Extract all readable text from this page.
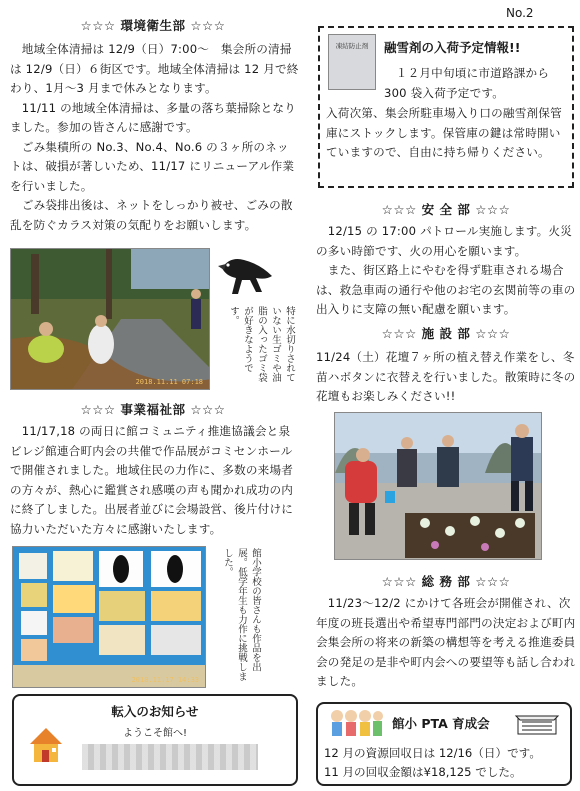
No.2
☆☆☆ 環境衛生部 ☆☆☆

　地域全体清掃は 12/9（日）7:00～　集会所の清掃は 12/9（日）６街区です。地域全体清掃は 12 月で終わり、1月～3 月まで休みとなります。

　11/11 の地域全体清掃は、多量の落ち葉掃除となりました。参加の皆さんに感謝です。

　ごみ集積所の No.3、No.4、No.6 の３ヶ所のネットは、破損が著しいため、11/17 にリニューアル作業を行いました。

　ごみ袋排出後は、ネットをしっかり被せ、ごみの散乱を防ぐカラス対策の気配りをお願いします。

2018.11.11 07:18	特に水切りされていない生ゴミや油脂の入ったゴミ袋が好きなようです。
☆☆☆ 事業福祉部 ☆☆☆

　11/17,18 の両日に館コミュニティ推進協議会と泉ビレジ館連合町内会の共催で作品展がコミセンホールで開催されました。地域住民の力作に、多数の来場者の方々が、熱心に鑑賞され感嘆の声も聞かれ成功の内に終了しました。出展者並びに会場設営、後片付けに協力いただいた方々に感謝いたします。

2018.11.17 14:33
館小学校の皆さんも作品を出展。低学年生も力作に挑戦しました。
転入のお知らせ
ようこそ館へ!
凍結防止剤	融雪剤の入荷予定情報!!
　１２月中旬頃に市道路課から 300 袋入荷予定です。
入荷次第、集会所駐車場入り口の融雪剤保管庫にストックします。保管庫の鍵は常時開いていますので、自由に持ち帰りください。
☆☆☆ 安 全 部 ☆☆☆

　12/15 の 17:00 パトロール実施します。火災の多い時節です、火の用心を願います。

　また、街区路上にやむを得ず駐車される場合は、救急車両の通行や他のお宅の玄関前等の車の出入りに支障の無い配慮を願います。

☆☆☆ 施 設 部 ☆☆☆

11/24（土）花壇７ヶ所の植え替え作業をし、冬苗ハボタンに衣替えを行いました。散策時に冬の花壇もお楽しみください!!

☆☆☆ 総 務 部 ☆☆☆

　11/23～12/2 にかけて各班会が開催され、次年度の班長選出や希望専門部門の決定および町内会集会所の将来の新築の構想等を考える推進委員会の発足の是非や町内会への要望等も話し合われました。

館小 PTA 育成会

12 月の資源回収日は 12/16（日）です。

11 月の回収金額は¥18,125 でした。
